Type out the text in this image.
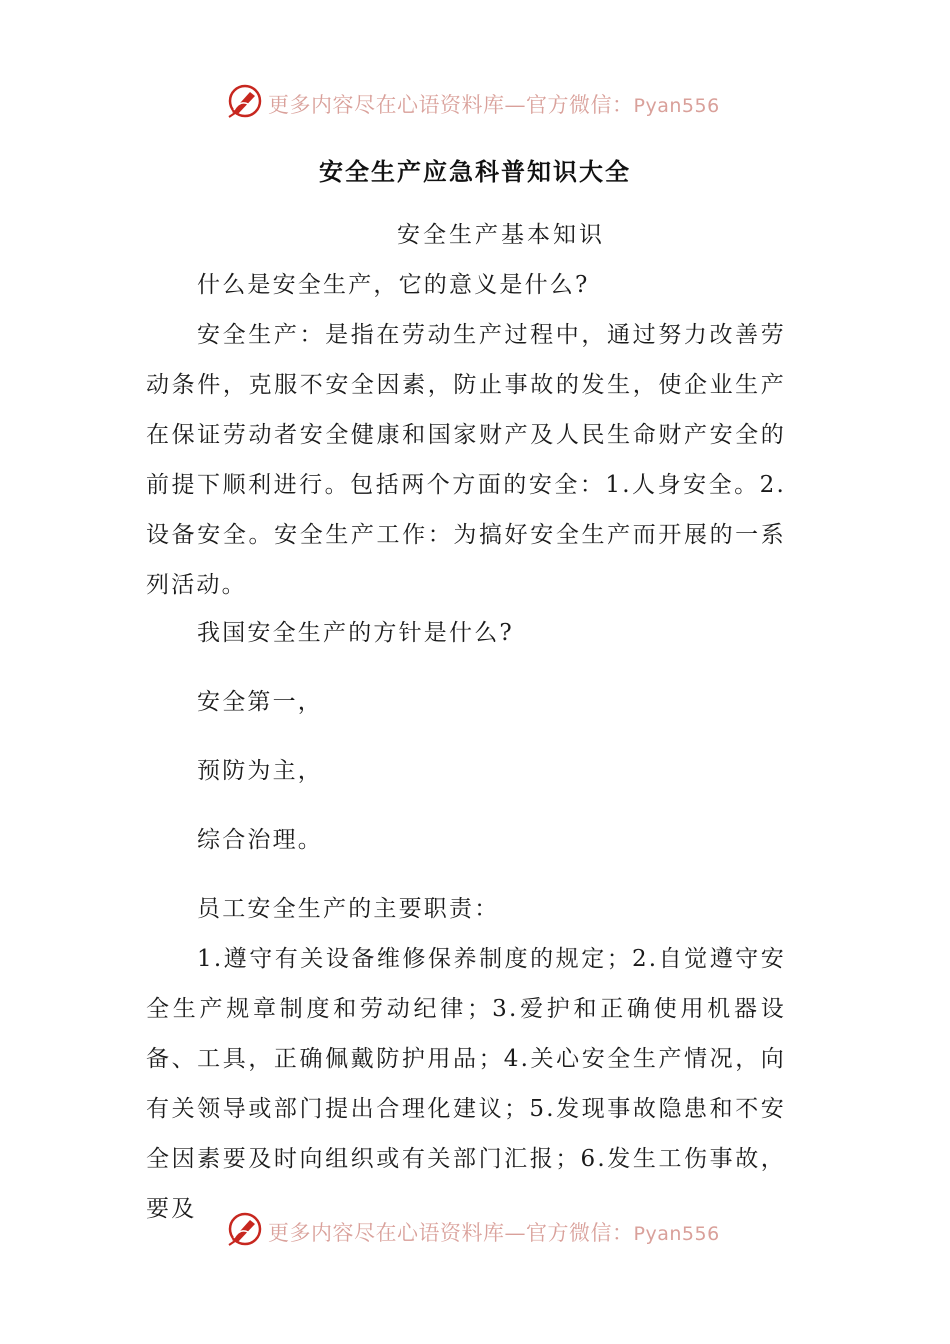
更多内容尽在心语资料库—官方微信：Pyan556
安全生产应急科普知识大全
安全生产基本知识

什么是安全生产，它的意义是什么?

安全生产：是指在劳动生产过程中，通过努力改善劳动条件，克服不安全因素，防止事故的发生，使企业生产在保证劳动者安全健康和国家财产及人民生命财产安全的前提下顺利进行。包括两个方面的安全：1.人身安全。2.设备安全。安全生产工作：为搞好安全生产而开展的一系列活动。

我国安全生产的方针是什么?

安全第一，

预防为主，

综合治理。

员工安全生产的主要职责：

1.遵守有关设备维修保养制度的规定；2.自觉遵守安全生产规章制度和劳动纪律；3.爱护和正确使用机器设备、工具，正确佩戴防护用品；4.关心安全生产情况，向有关领导或部门提出合理化建议；5.发现事故隐患和不安全因素要及时向组织或有关部门汇报；6.发生工伤事故，要及

更多内容尽在心语资料库—官方微信：Pyan556
